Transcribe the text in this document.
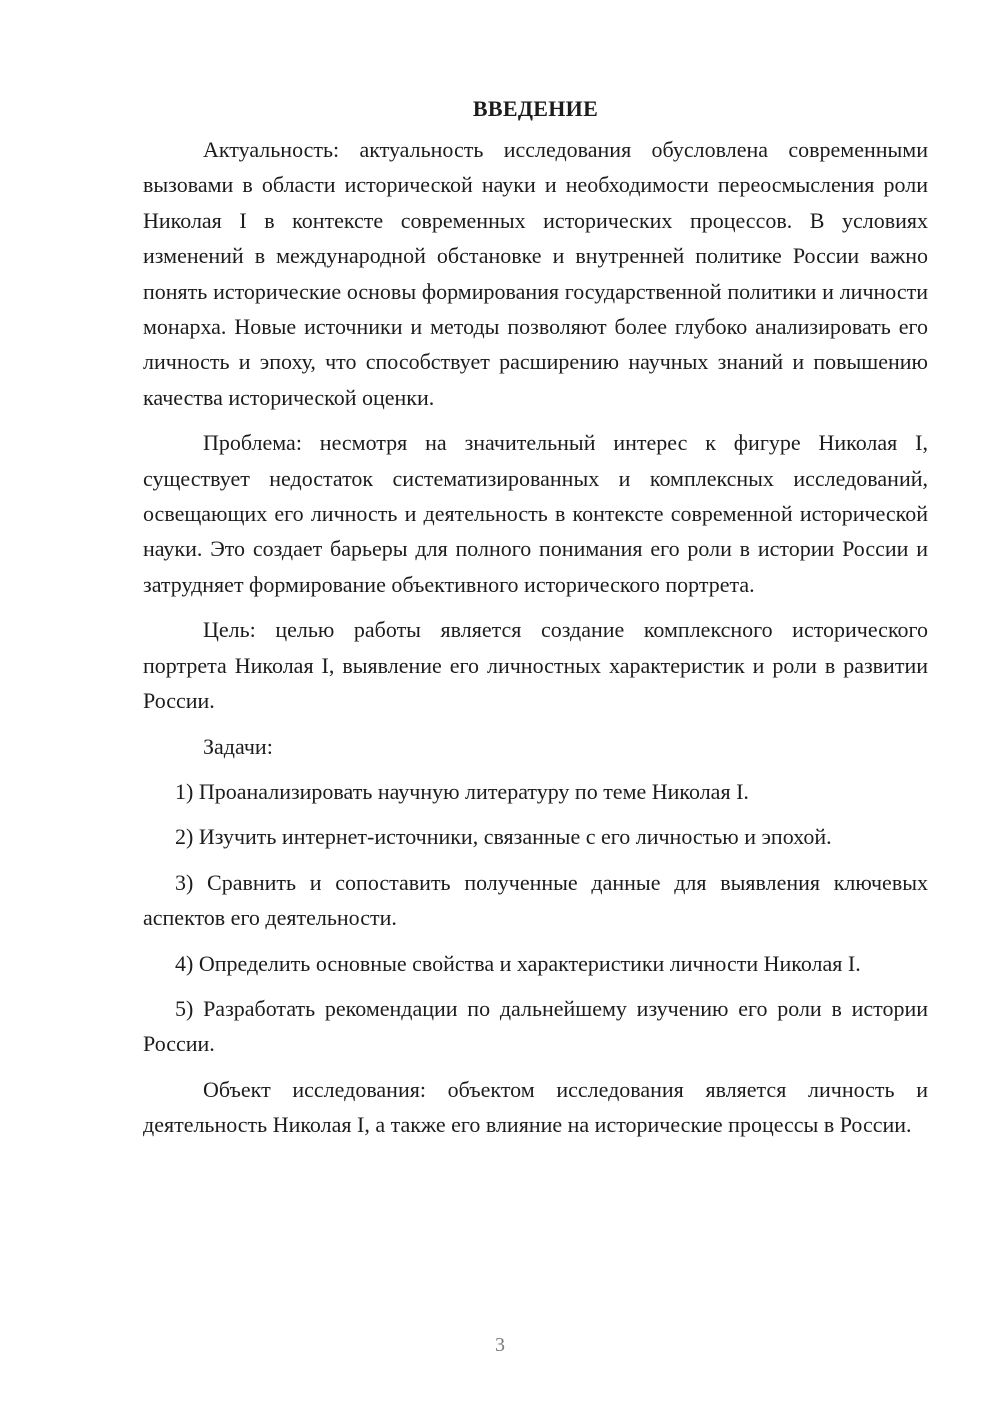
ВВЕДЕНИЕ

Актуальность: актуальность исследования обусловлена современными вызовами в области исторической науки и необходимости переосмысления роли Николая I в контексте современных исторических процессов. В условиях изменений в международной обстановке и внутренней политике России важно понять исторические основы формирования государственной политики и личности монарха. Новые источники и методы позволяют более глубоко анализировать его личность и эпоху, что способствует расширению научных знаний и повышению качества исторической оценки.

Проблема: несмотря на значительный интерес к фигуре Николая I, существует недостаток систематизированных и комплексных исследований, освещающих его личность и деятельность в контексте современной исторической науки. Это создает барьеры для полного понимания его роли в истории России и затрудняет формирование объективного исторического портрета.

Цель: целью работы является создание комплексного исторического портрета Николая I, выявление его личностных характеристик и роли в развитии России.

Задачи:

1) Проанализировать научную литературу по теме Николая I.

2) Изучить интернет-источники, связанные с его личностью и эпохой.

3) Сравнить и сопоставить полученные данные для выявления ключевых аспектов его деятельности.

4) Определить основные свойства и характеристики личности Николая I.

5) Разработать рекомендации по дальнейшему изучению его роли в истории России.

Объект исследования: объектом исследования является личность и деятельность Николая I, а также его влияние на исторические процессы в России.

3
